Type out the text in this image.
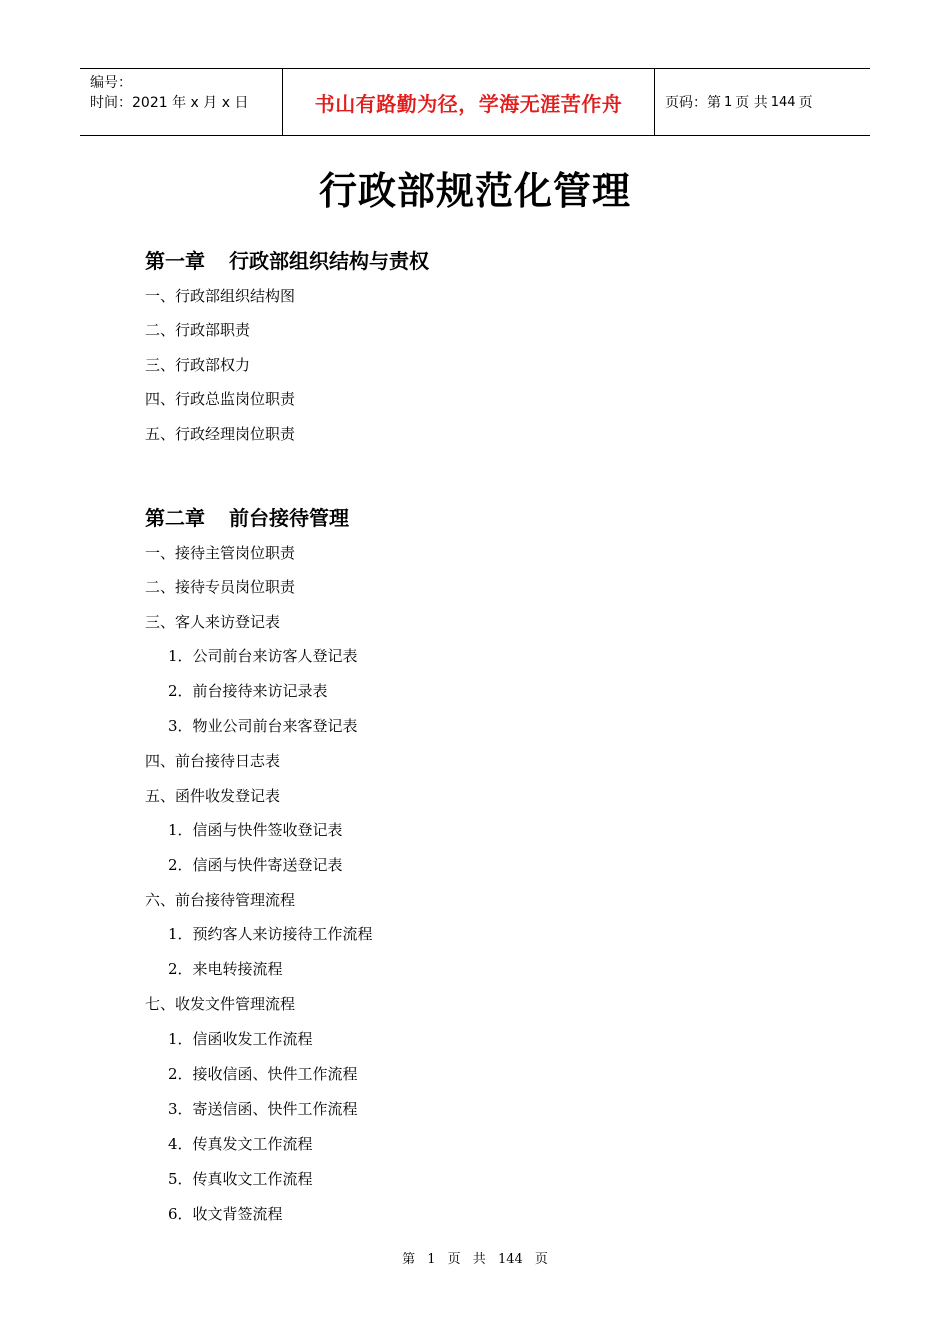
编号：
时间：2021 年 x 月 x 日	书山有路勤为径，学海无涯苦作舟	页码：第 1 页 共 144 页
行政部规范化管理
第一章 行政部组织结构与责权
一、行政部组织结构图
二、行政部职责
三、行政部权力
四、行政总监岗位职责
五、行政经理岗位职责
第二章 前台接待管理
一、接待主管岗位职责
二、接待专员岗位职责
三、客人来访登记表
1．公司前台来访客人登记表
2．前台接待来访记录表
3．物业公司前台来客登记表
四、前台接待日志表
五、函件收发登记表
1．信函与快件签收登记表
2．信函与快件寄送登记表
六、前台接待管理流程
1．预约客人来访接待工作流程
2．来电转接流程
七、收发文件管理流程
1．信函收发工作流程
2．接收信函、快件工作流程
3．寄送信函、快件工作流程
4．传真发文工作流程
5．传真收文工作流程
6．收文背签流程
第 1 页 共 144 页
